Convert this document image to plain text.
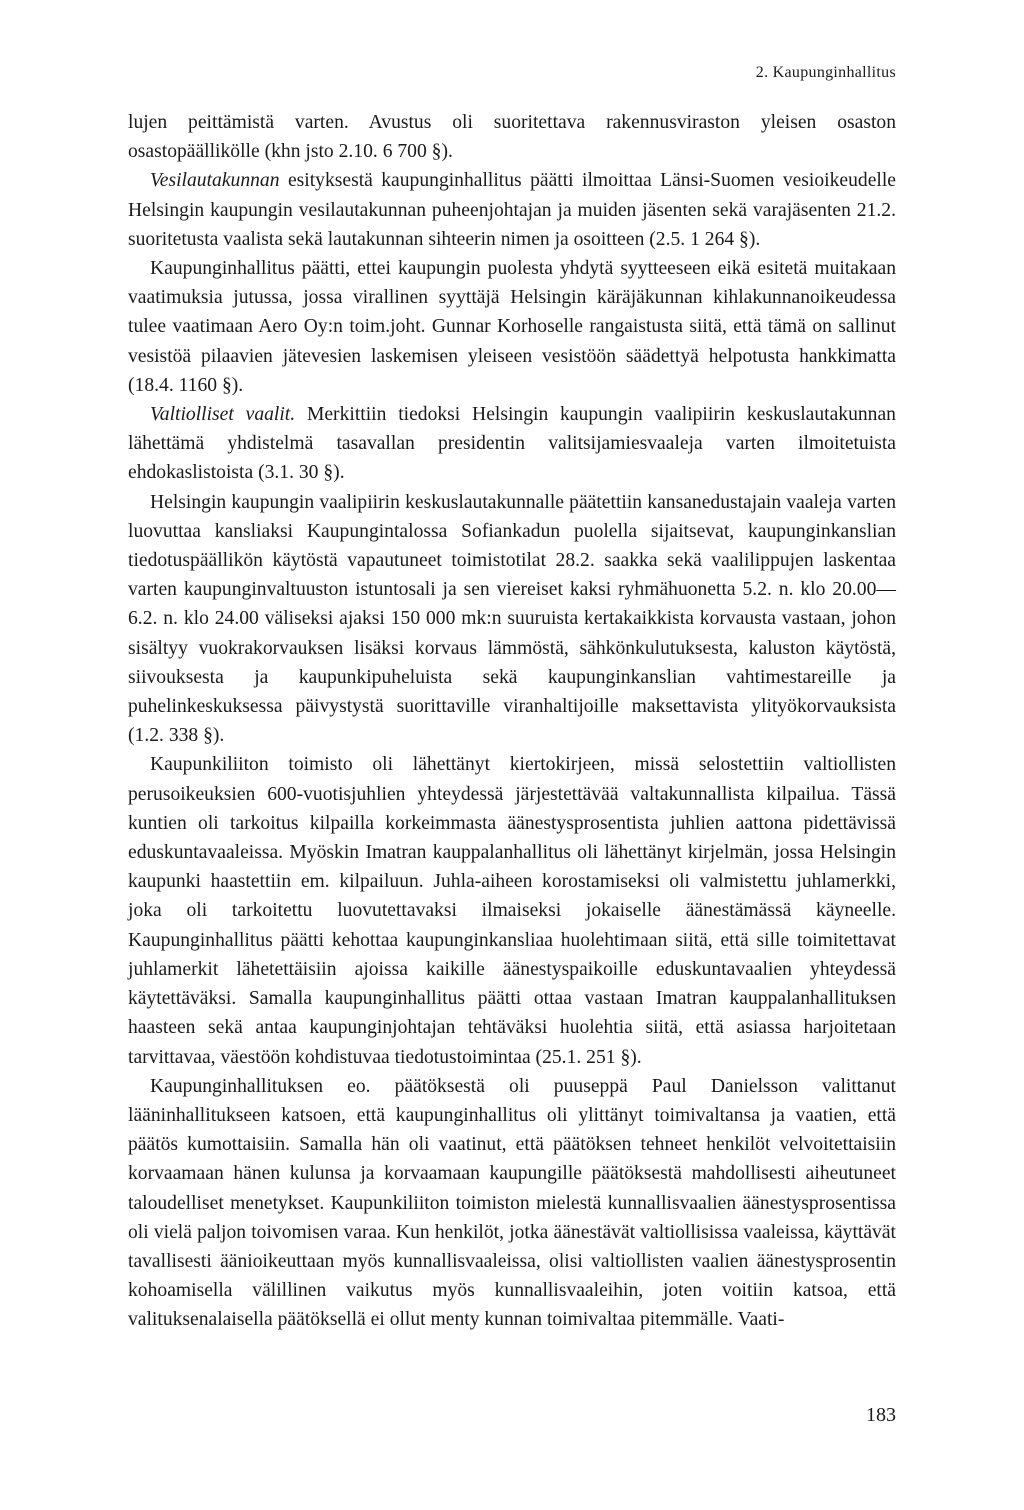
2. Kaupunginhallitus

lujen peittämistä varten. Avustus oli suoritettava rakennusviraston yleisen osaston osastopäällikölle (khn jsto 2.10. 6 700 §).

Vesilautakunnan esityksestä kaupunginhallitus päätti ilmoittaa Länsi-Suomen vesioikeudelle Helsingin kaupungin vesilautakunnan puheenjohtajan ja muiden jäsenten sekä varajäsenten 21.2. suoritetusta vaalista sekä lautakunnan sihteerin nimen ja osoitteen (2.5. 1 264 §).

Kaupunginhallitus päätti, ettei kaupungin puolesta yhdytä syytteeseen eikä esitetä muitakaan vaatimuksia jutussa, jossa virallinen syyttäjä Helsingin käräjäkunnan kihlakunnanoikeudessa tulee vaatimaan Aero Oy:n toim.joht. Gunnar Korhoselle rangaistusta siitä, että tämä on sallinut vesistöä pilaavien jätevesien laskemisen yleiseen vesistöön säädettyä helpotusta hankkimatta (18.4. 1160 §).

Valtiolliset vaalit. Merkittiin tiedoksi Helsingin kaupungin vaalipiirin keskuslautakunnan lähettämä yhdistelmä tasavallan presidentin valitsijamiesvaaleja varten ilmoitetuista ehdokaslistoista (3.1. 30 §).

Helsingin kaupungin vaalipiirin keskuslautakunnalle päätettiin kansanedustajain vaaleja varten luovuttaa kansliaksi Kaupungintalossa Sofiankadun puolella sijaitsevat, kaupunginkanslian tiedotuspäällikön käytöstä vapautuneet toimistotilat 28.2. saakka sekä vaalilippujen laskentaa varten kaupunginvaltuuston istuntosali ja sen viereiset kaksi ryhmähuonetta 5.2. n. klo 20.00—6.2. n. klo 24.00 väliseksi ajaksi 150 000 mk:n suuruista kertakaikkista korvausta vastaan, johon sisältyy vuokrakorvauksen lisäksi korvaus lämmöstä, sähkönkulutuksesta, kaluston käytöstä, siivouksesta ja kaupunkipuheluista sekä kaupunginkanslian vahtimestareille ja puhelinkeskuksessa päivystystä suorittaville viranhaltijoille maksettavista ylityökorvauksista (1.2. 338 §).

Kaupunkiliiton toimisto oli lähettänyt kiertokirjeen, missä selostettiin valtiollisten perusoikeuksien 600-vuotisjuhlien yhteydessä järjestettävää valtakunnallista kilpailua. Tässä kuntien oli tarkoitus kilpailla korkeimmasta äänestysprosentista juhlien aattona pidettävissä eduskuntavaaleissa. Myöskin Imatran kauppalanhallitus oli lähettänyt kirjelmän, jossa Helsingin kaupunki haastettiin em. kilpailuun. Juhla-aiheen korostamiseksi oli valmistettu juhlamerkki, joka oli tarkoitettu luovutettavaksi ilmaiseksi jokaiselle äänestämässä käyneelle. Kaupunginhallitus päätti kehottaa kaupunginkansliaa huolehtimaan siitä, että sille toimitettavat juhlamerkit lähetettäisiin ajoissa kaikille äänestyspaikoille eduskuntavaalien yhteydessä käytettäväksi. Samalla kaupunginhallitus päätti ottaa vastaan Imatran kauppalanhallituksen haasteen sekä antaa kaupunginjohtajan tehtäväksi huolehtia siitä, että asiassa harjoitetaan tarvittavaa, väestöön kohdistuvaa tiedotustoimintaa (25.1. 251 §).

Kaupunginhallituksen eo. päätöksestä oli puuseppä Paul Danielsson valittanut lääninhallitukseen katsoen, että kaupunginhallitus oli ylittänyt toimivaltansa ja vaatien, että päätös kumottaisiin. Samalla hän oli vaatinut, että päätöksen tehneet henkilöt velvoitettaisiin korvaamaan hänen kulunsa ja korvaamaan kaupungille päätöksestä mahdollisesti aiheutuneet taloudelliset menetykset. Kaupunkiliiton toimiston mielestä kunnallisvaalien äänestysprosentissa oli vielä paljon toivomisen varaa. Kun henkilöt, jotka äänestävät valtiollisissa vaaleissa, käyttävät tavallisesti äänioikeuttaan myös kunnallisvaaleissa, olisi valtiollisten vaalien äänestysprosentin kohoamisella välillinen vaikutus myös kunnallisvaaleihin, joten voitiin katsoa, että valituksenalaisella päätöksellä ei ollut menty kunnan toimivaltaa pitemmälle. Vaati-

183
